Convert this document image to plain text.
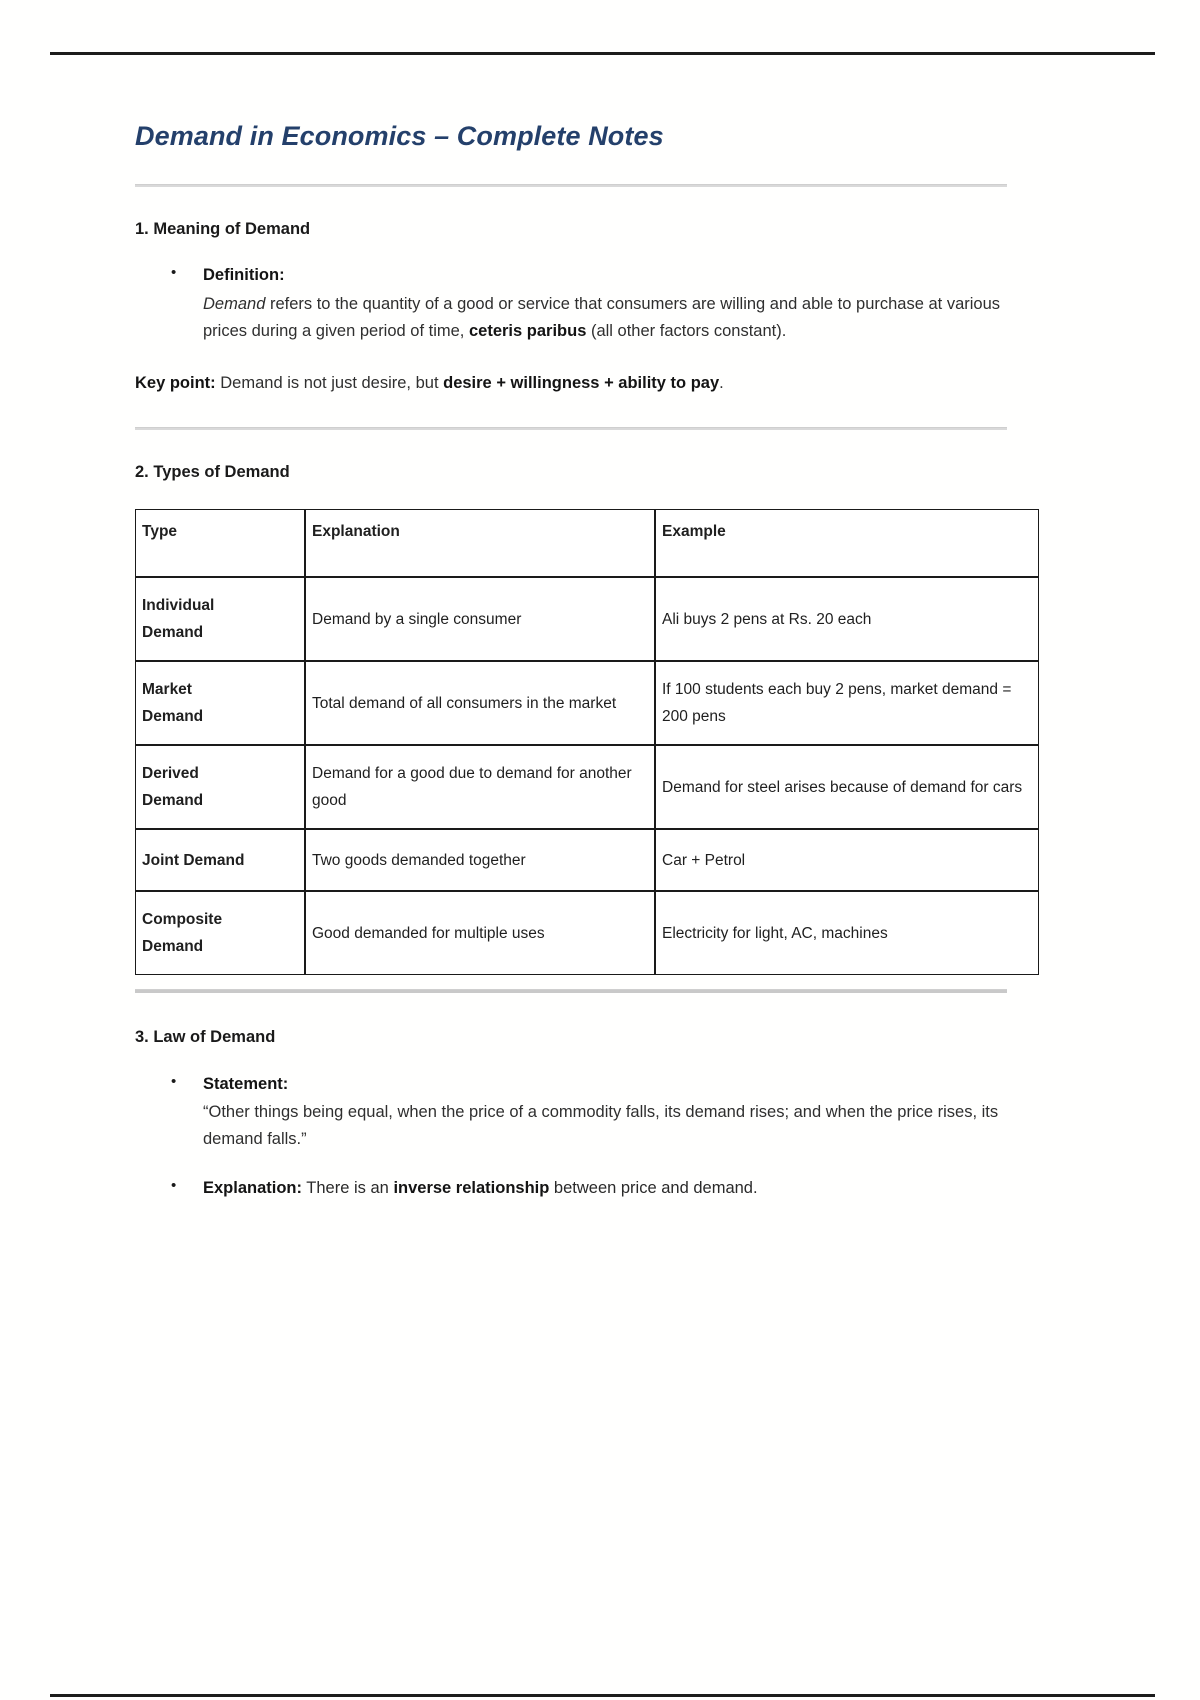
Demand in Economics – Complete Notes
1. Meaning of Demand
• Definition:
Demand refers to the quantity of a good or service that consumers are willing and able to purchase at various prices during a given period of time, ceteris paribus (all other factors constant).
Key point: Demand is not just desire, but desire + willingness + ability to pay.
2. Types of Demand
Type	Explanation	Example

Individual
Demand	Demand by a single consumer	Ali buys 2 pens at Rs. 20 each

Market
Demand	Total demand of all consumers in the market	If 100 students each buy 2 pens, market demand = 200 pens

Derived
Demand	Demand for a good due to demand for another good	Demand for steel arises because of demand for cars
Joint Demand	Two goods demanded together	Car + Petrol

Composite
Demand	Good demanded for multiple uses	Electricity for light, AC, machines
3. Law of Demand
• Statement:
“Other things being equal, when the price of a commodity falls, its demand rises; and when the price rises, its demand falls.”
• Explanation: There is an inverse relationship between price and demand.
